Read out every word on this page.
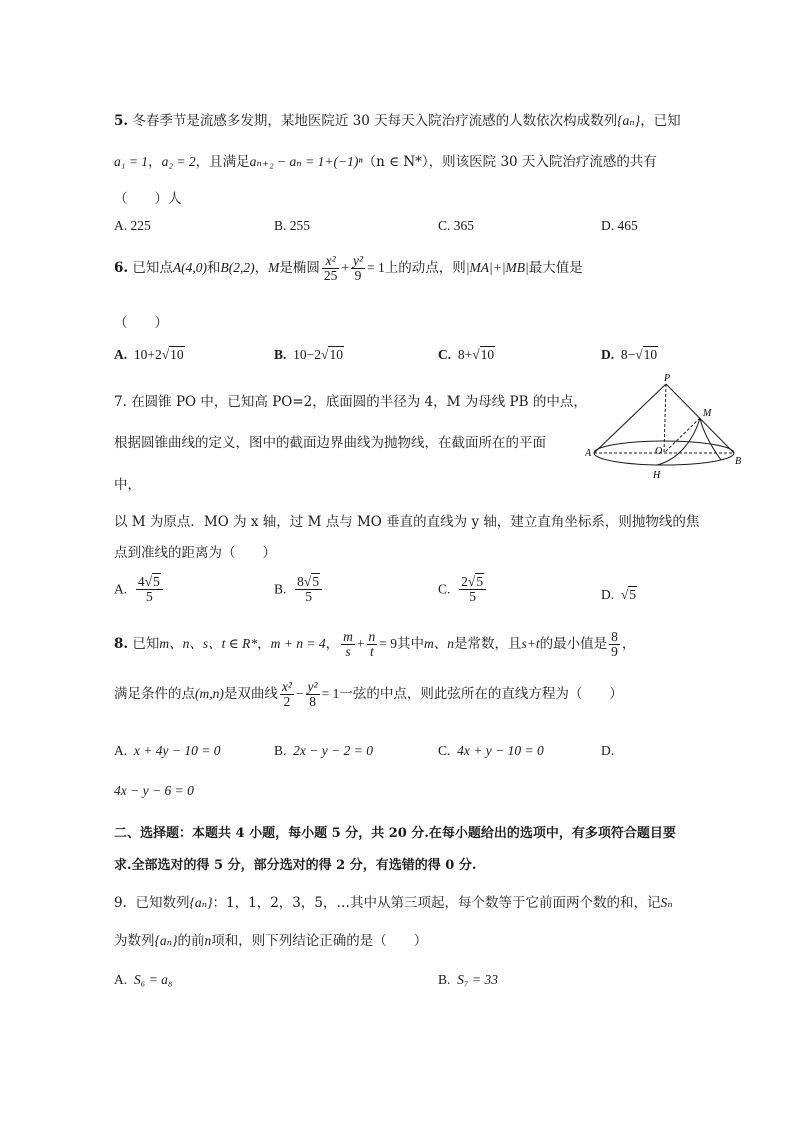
5. 冬春季节是流感多发期，某地医院近 30 天每天入院治疗流感的人数依次构成数列{aₙ}，已知
a₁ = 1，a₂ = 2，且满足aₙ₊₂ − aₙ = 1+(−1)ⁿ（n ∈ N*），则该医院 30 天入院治疗流感的共有
（　　）人
A. 225	B. 255	C. 365	D. 465
6. 已知点A(4,0)和B(2,2)，M是椭圆 $\frac{\text{x²}}{25} + \frac{\text{y²}}{9} = 1$上的动点，则|MA|+|MB|最大值是
（　　）
A. 10+2√10	B. 10−2√10	C. 8+√10	D. 8−√10
7. 在圆锥 PO 中，已知高 PO=2，底面圆的半径为 4，M 为母线 PB 的中点，
根据圆锥曲线的定义，图中的截面边界曲线为抛物线，在截面所在的平面
中，
以 M 为原点．MO 为 x 轴，过 M 点与 MO 垂直的直线为 y 轴，建立直角坐标系，则抛物线的焦
点到准线的距离为（　　）
P
M
O
A
B
H
A. $\frac{4√5}{5}$	B. $\frac{8√5}{5}$	C. $\frac{2√5}{5}$	D.  √5
8. 已知m、n、s、t ∈ R*，m + n = 4， $\frac{m}{s} + \frac{n}{t} = 9$其中m、n是常数，且s+t的最小值是 $\frac{8}{9}$ ，
满足条件的点(m,n)是双曲线 $\frac{\text{x²}}{2} - \frac{\text{y²}}{8} = 1$一弦的中点，则此弦所在的直线方程为（　　）
A. x + 4y − 10 = 0	B. 2x − y − 2 = 0	C. 4x + y − 10 = 0	D.
4x − y − 6 = 0
二、选择题：本题共 4 小题，每小题 5 分，共 20 分.在每小题给出的选项中，有多项符合题目要
求.全部选对的得 5 分，部分选对的得 2 分，有选错的得 0 分.
9. 已知数列{aₙ}：1，1，2，3，5，…其中从第三项起，每个数等于它前面两个数的和，记Sₙ
为数列{aₙ}的前n项和，则下列结论正确的是（　　）
A. S₆ = a₈	B. S₇ = 33
